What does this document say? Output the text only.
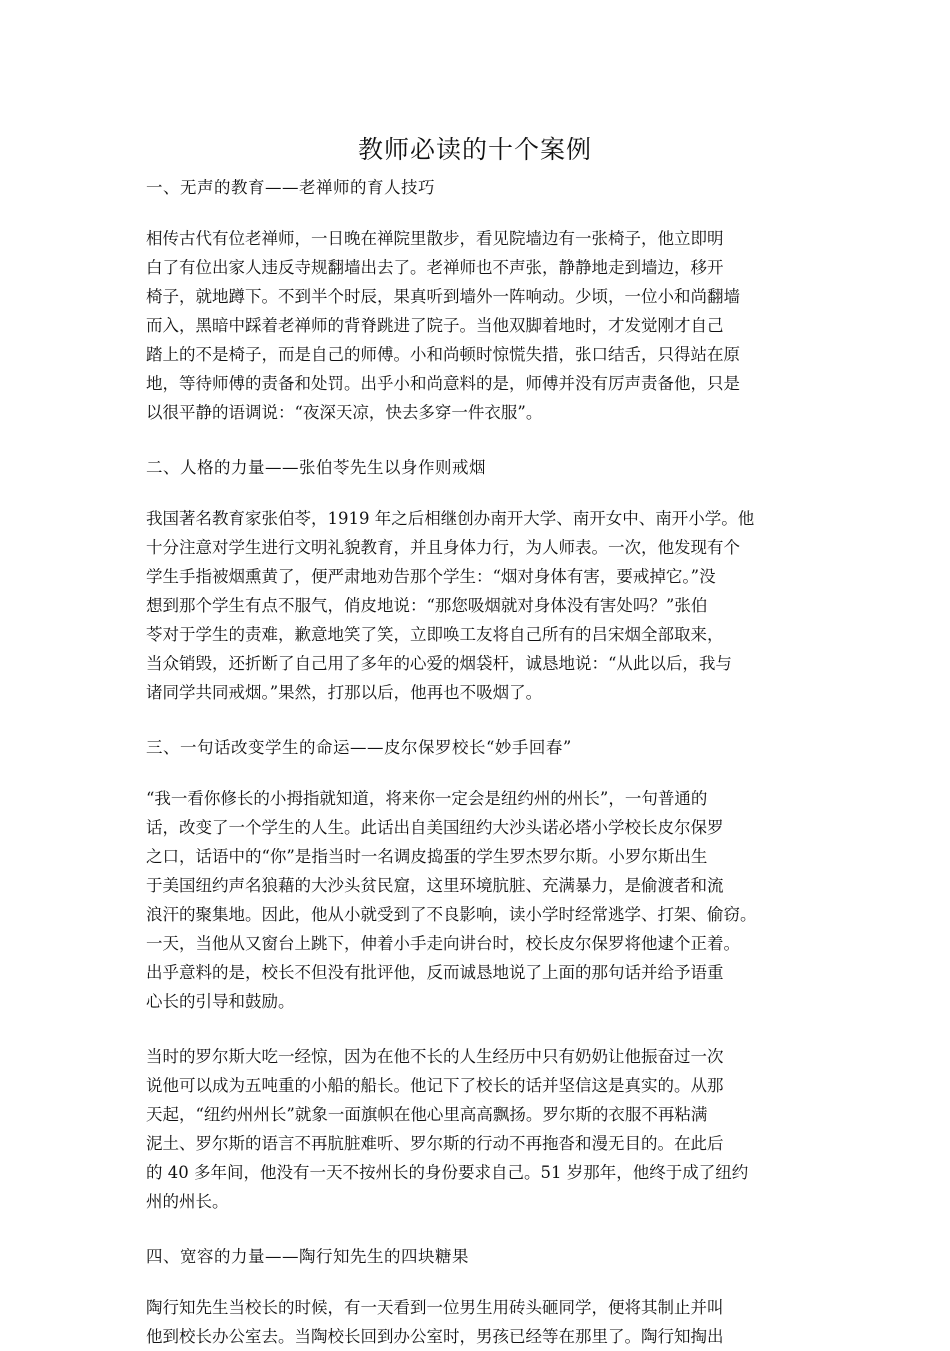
教师必读的十个案例
一、无声的教育——老禅师的育人技巧
相传古代有位老禅师，一日晚在禅院里散步，看见院墙边有一张椅子，他立即明
白了有位出家人违反寺规翻墙出去了。老禅师也不声张，静静地走到墙边，移开
椅子，就地蹲下。不到半个时辰，果真听到墙外一阵响动。少顷，一位小和尚翻墙
而入，黑暗中踩着老禅师的背脊跳进了院子。当他双脚着地时，才发觉刚才自己
踏上的不是椅子，而是自己的师傅。小和尚顿时惊慌失措，张口结舌，只得站在原
地，等待师傅的责备和处罚。出乎小和尚意料的是，师傅并没有厉声责备他，只是
以很平静的语调说：“夜深天凉，快去多穿一件衣服”。
二、人格的力量——张伯苓先生以身作则戒烟
我国著名教育家张伯苓，1919 年之后相继创办南开大学、南开女中、南开小学。他
十分注意对学生进行文明礼貌教育，并且身体力行，为人师表。一次，他发现有个
学生手指被烟熏黄了，便严肃地劝告那个学生：“烟对身体有害，要戒掉它。”没
想到那个学生有点不服气，俏皮地说：“那您吸烟就对身体没有害处吗？”张伯
苓对于学生的责难，歉意地笑了笑，立即唤工友将自己所有的吕宋烟全部取来，
当众销毁，还折断了自己用了多年的心爱的烟袋杆，诚恳地说：“从此以后，我与
诸同学共同戒烟。”果然，打那以后，他再也不吸烟了。
三、一句话改变学生的命运——皮尔保罗校长“妙手回春”
“我一看你修长的小拇指就知道，将来你一定会是纽约州的州长”，一句普通的
话，改变了一个学生的人生。此话出自美国纽约大沙头诺必塔小学校长皮尔保罗
之口，话语中的“你”是指当时一名调皮捣蛋的学生罗杰罗尔斯。小罗尔斯出生
于美国纽约声名狼藉的大沙头贫民窟，这里环境肮脏、充满暴力，是偷渡者和流
浪汗的聚集地。因此，他从小就受到了不良影响，读小学时经常逃学、打架、偷窃。
一天，当他从又窗台上跳下，伸着小手走向讲台时，校长皮尔保罗将他逮个正着。
出乎意料的是，校长不但没有批评他，反而诚恳地说了上面的那句话并给予语重
心长的引导和鼓励。
当时的罗尔斯大吃一经惊，因为在他不长的人生经历中只有奶奶让他振奋过一次
说他可以成为五吨重的小船的船长。他记下了校长的话并坚信这是真实的。从那
天起，“纽约州州长”就象一面旗帜在他心里高高飘扬。罗尔斯的衣服不再粘满
泥土、罗尔斯的语言不再肮脏难听、罗尔斯的行动不再拖沓和漫无目的。在此后
的 40 多年间，他没有一天不按州长的身份要求自己。51 岁那年，他终于成了纽约
州的州长。
四、宽容的力量——陶行知先生的四块糖果
陶行知先生当校长的时候，有一天看到一位男生用砖头砸同学，便将其制止并叫
他到校长办公室去。当陶校长回到办公室时，男孩已经等在那里了。陶行知掏出
